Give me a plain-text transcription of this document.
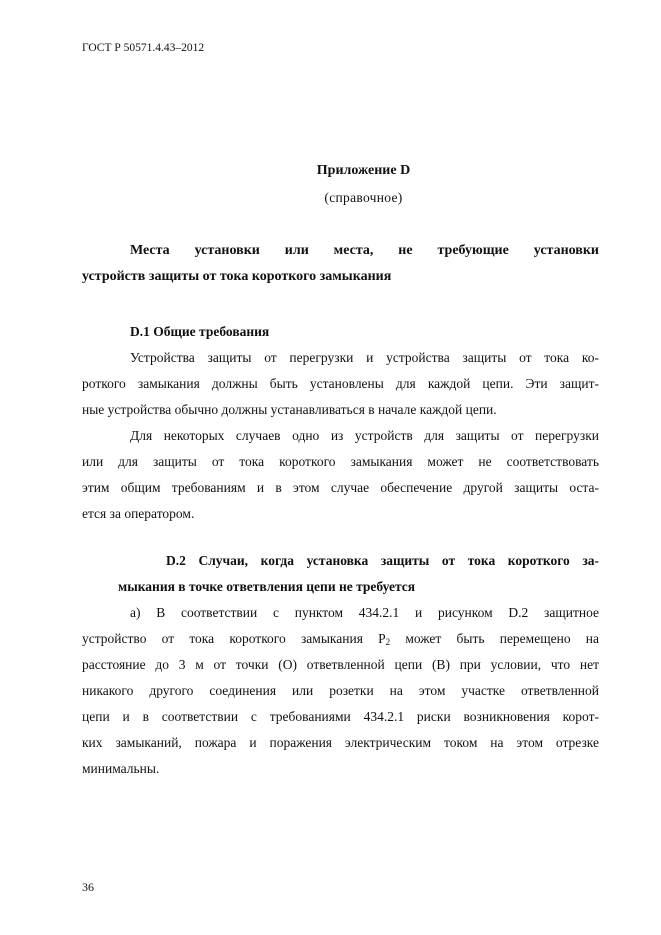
ГОСТ Р 50571.4.43–2012
Приложение D
(справочное)
Места установки или места, не требующие установки
устройств защиты от тока короткого замыкания
D.1 Общие требования
Устройства защиты от перегрузки и устройства защиты от тока ко-
роткого замыкания должны быть установлены для каждой цепи. Эти защит-
ные устройства обычно должны устанавливаться в начале каждой цепи.
Для некоторых случаев одно из устройств для защиты от перегрузки
или для защиты от тока короткого замыкания может не соответствовать
этим общим требованиям и в этом случае обеспечение другой защиты оста-
ется за оператором.
D.2 Случаи, когда установка защиты от тока короткого за-
мыкания в точке ответвления цепи не требуется
а) В соответствии с пунктом 434.2.1 и рисунком D.2 защитное
устройство от тока короткого замыкания $Р_2$ может быть перемещено на
расстояние до 3 м от точки (O) ответвленной цепи (B) при условии, что нет
никакого другого соединения или розетки на этом участке ответвленной
цепи и в соответствии с требованиями 434.2.1 риски возникновения корот-
ких замыканий, пожара и поражения электрическим током на этом отрезке
минимальны.
36
